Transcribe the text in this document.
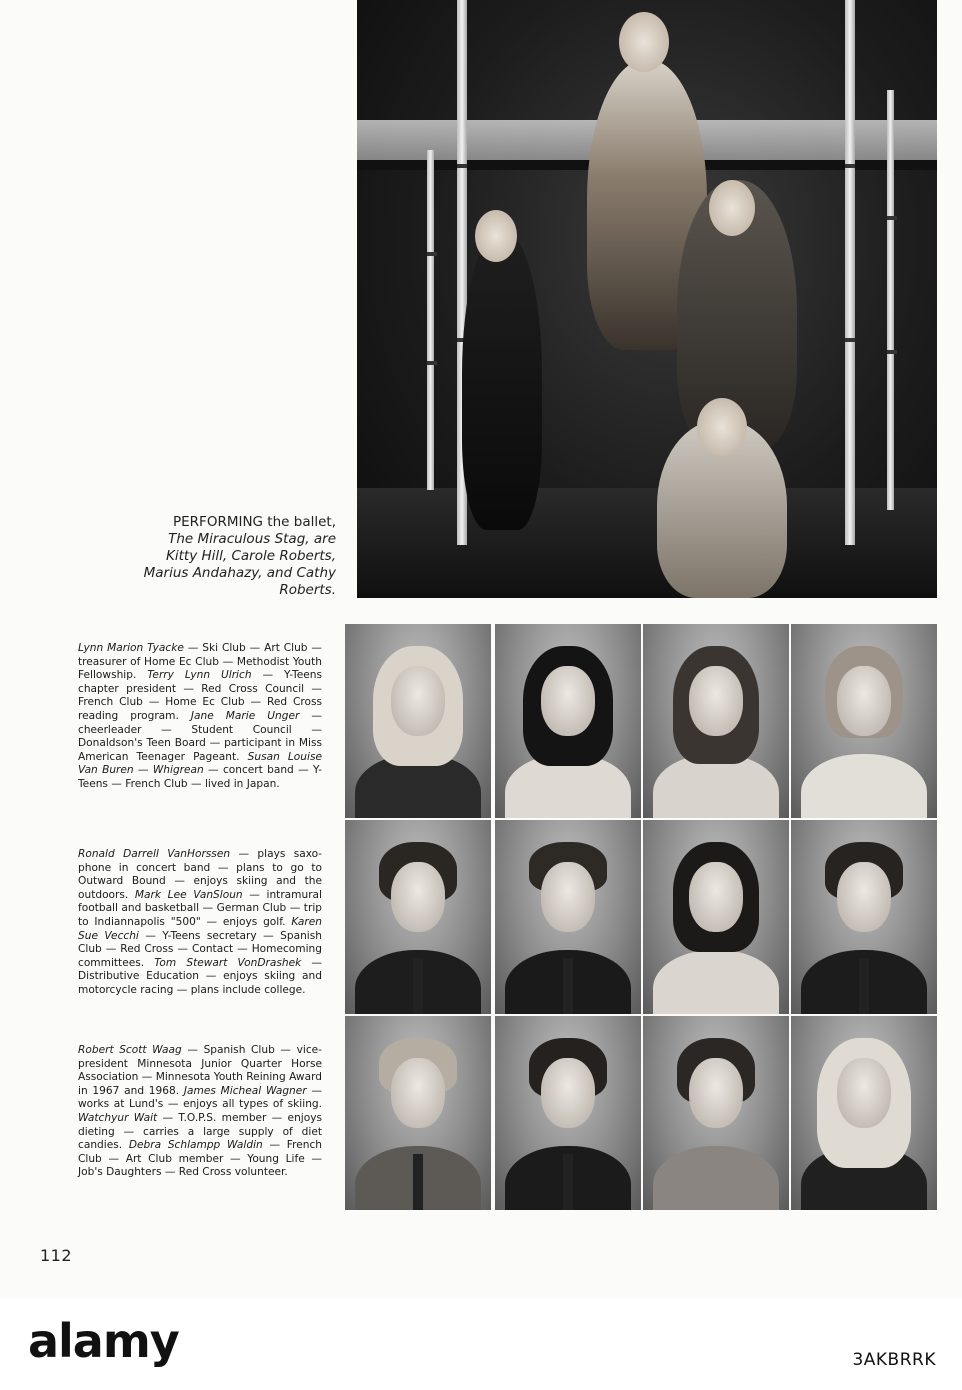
PERFORMING the ballet,
The Miraculous Stag, are Kitty Hill, Carole Roberts, Marius Andahazy, and Cathy Roberts.
Lynn Marion Tyacke — Ski Club — Art Club — treasurer of Home Ec Club — Methodist Youth Fellowship. Terry Lynn Ulrich — Y-Teens chapter president — Red Cross Council — French Club — Home Ec Club — Red Cross reading program. Jane Marie Unger — cheerleader — Student Council — Donaldson's Teen Board — participant in Miss American Teenager Pageant. Susan Louise Van Buren — Whigrean — concert band — Y-Teens — French Club — lived in Japan.
Ronald Darrell VanHorssen — plays saxophone in concert band — plans to go to Outward Bound — enjoys skiing and the outdoors. Mark Lee VanSloun — intramural football and basketball — German Club — trip to Indiannapolis "500" — enjoys golf. Karen Sue Vecchi — Y-Teens secretary — Spanish Club — Red Cross — Contact — Homecoming committees. Tom Stewart VonDrashek — Distributive Education — enjoys skiing and motorcycle racing — plans include college.
Robert Scott Waag — Spanish Club — vice-president Minnesota Junior Quarter Horse Association — Minnesota Youth Reining Award in 1967 and 1968. James Micheal Wagner — works at Lund's — enjoys all types of skiing. Watchyur Wait — T.O.P.S. member — enjoys dieting — carries a large supply of diet candies. Debra Schlampp Waldin — French Club — Art Club member — Young Life — Job's Daughters — Red Cross volunteer.
112
alamy	3AKBRRK
